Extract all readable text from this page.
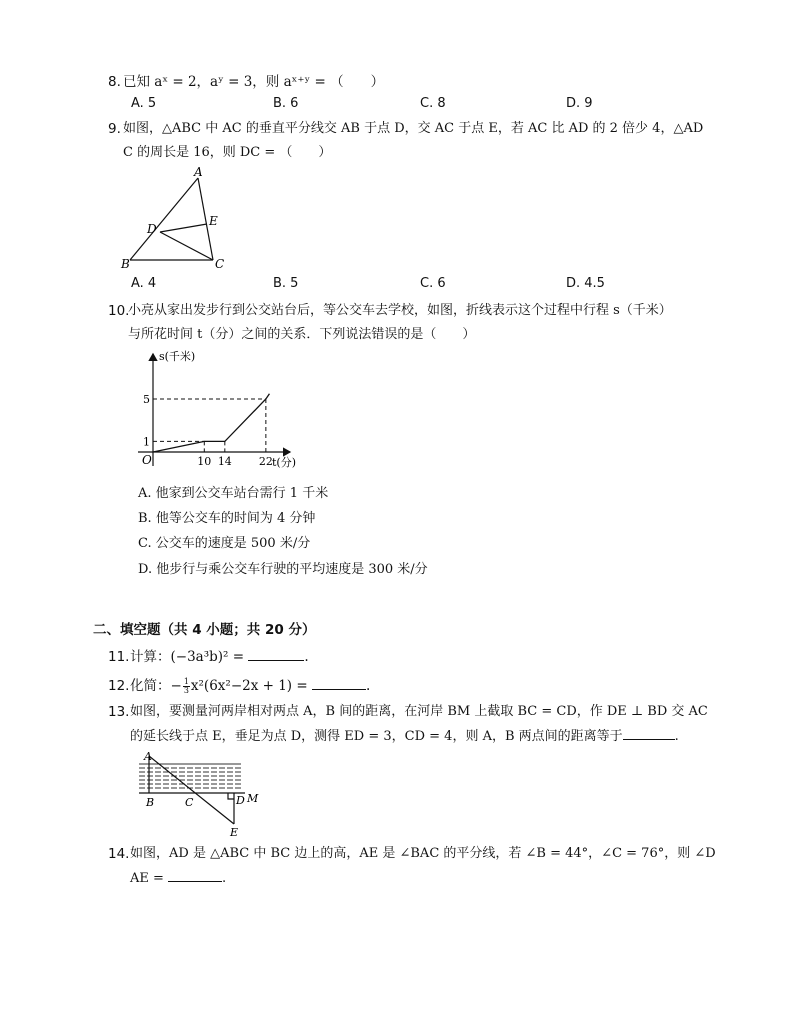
8. 已知 aˣ = 2，aʸ = 3，则 aˣ⁺ʸ = （　　）
A. 5	B. 6	C. 8	D. 9
9. 如图，△ABC 中 AC 的垂直平分线交 AB 于点 D，交 AC 于点 E，若 AC 比 AD 的 2 倍少 4，△AD
C 的周长是 16，则 DC = （　　）
A
B	C
D
E
A. 4	B. 5	C. 6	D. 4.5
10.
小亮从家出发步行到公交站台后，等公交车去学校，如图，折线表示这个过程中行程 s（千米）
与所花时间 t（分）之间的关系．下列说法错误的是（　　）
s(千米)
t(分)
O
1
5
10 14 22
A. 他家到公交车站台需行 1 千米
B. 他等公交车的时间为 4 分钟
C. 公交车的速度是 500 米/分
D. 他步行与乘公交车行驶的平均速度是 300 米/分
二、填空题（共 4 小题；共 20 分）
11. 计算：(−3a³b)² =	.
12. 化简：− $\frac{1}{3} x^2(6x^2-2x + 1)$ =	.
13. 如图，要测量河两岸相对两点 A，B 间的距离，在河岸 BM 上截取 BC = CD，作 DE ⊥ BD 交 AC
的延长线于点 E，垂足为点 D，测得 ED = 3，CD = 4，则 A，B 两点间的距离等于	.
A
B	C	D M
E
14. 如图，AD 是 △ABC 中 BC 边上的高，AE 是 ∠BAC 的平分线，若 ∠B = 44°，∠C = 76°，则 ∠D
AE =	.
